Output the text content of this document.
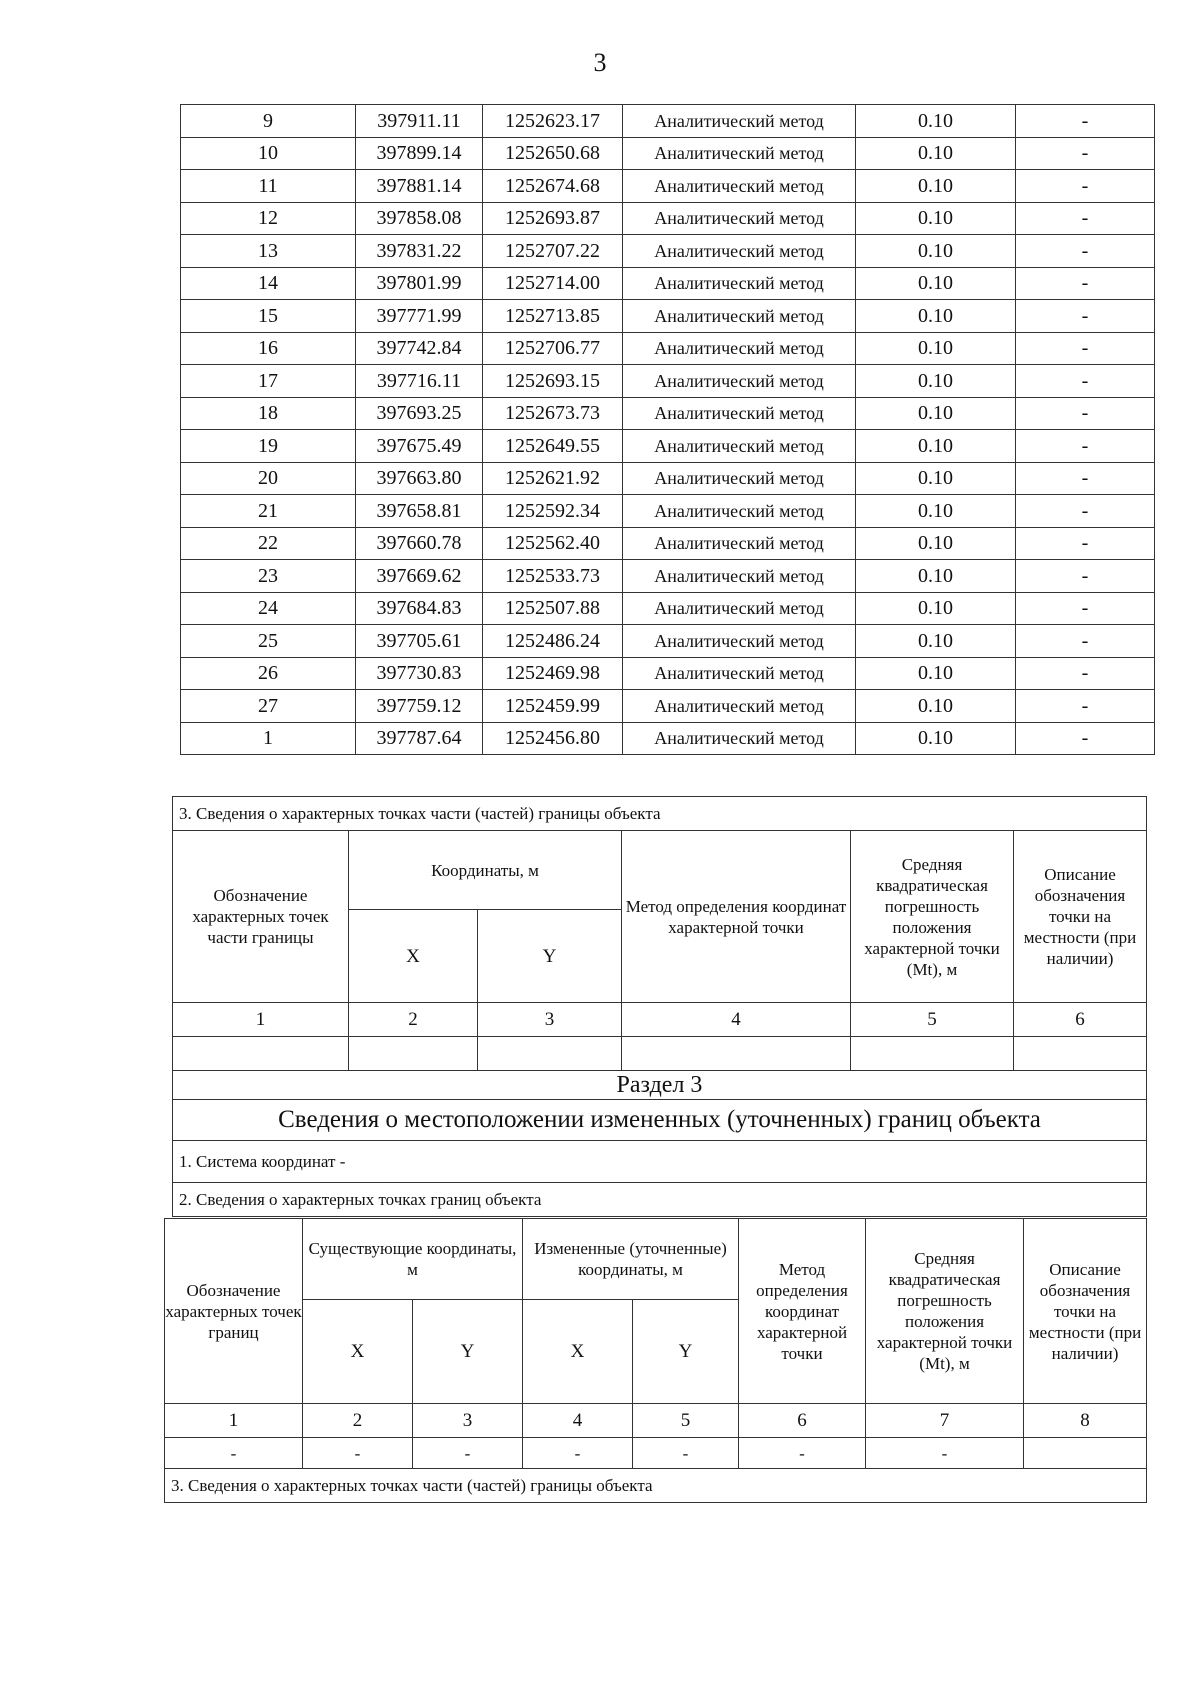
3
9	397911.11	1252623.17	Аналитический метод	0.10	-
10	397899.14	1252650.68	Аналитический метод	0.10	-
11	397881.14	1252674.68	Аналитический метод	0.10	-
12	397858.08	1252693.87	Аналитический метод	0.10	-
13	397831.22	1252707.22	Аналитический метод	0.10	-
14	397801.99	1252714.00	Аналитический метод	0.10	-
15	397771.99	1252713.85	Аналитический метод	0.10	-
16	397742.84	1252706.77	Аналитический метод	0.10	-
17	397716.11	1252693.15	Аналитический метод	0.10	-
18	397693.25	1252673.73	Аналитический метод	0.10	-
19	397675.49	1252649.55	Аналитический метод	0.10	-
20	397663.80	1252621.92	Аналитический метод	0.10	-
21	397658.81	1252592.34	Аналитический метод	0.10	-
22	397660.78	1252562.40	Аналитический метод	0.10	-
23	397669.62	1252533.73	Аналитический метод	0.10	-
24	397684.83	1252507.88	Аналитический метод	0.10	-
25	397705.61	1252486.24	Аналитический метод	0.10	-
26	397730.83	1252469.98	Аналитический метод	0.10	-
27	397759.12	1252459.99	Аналитический метод	0.10	-
1	397787.64	1252456.80	Аналитический метод	0.10	-
3. Сведения о характерных точках части (частей) границы объекта					
Обозначение характерных точек части границы	Координаты, м		Метод определения координат характерной точки	Средняя квадратическая погрешность положения характерной точки (Mt), м	Описание обозначения точки на местности (при наличии)
	X	Y			
1	2	3	4	5	6

Раздел 3					
Сведения о местоположении измененных (уточненных) границ объекта					
1. Система координат -					
2. Сведения о характерных точках границ объекта					
Обозначение характерных точек границ	Существующие координаты, м		Измененные (уточненные) координаты, м		Метод определения координат характерной точки	Средняя квадратическая погрешность положения характерной точки (Mt), м	Описание обозначения точки на местности (при наличии)
	X	Y	X	Y			
1	2	3	4	5	6	7	8
-	-	-	-	-	-	-	
3. Сведения о характерных точках части (частей) границы объекта							
